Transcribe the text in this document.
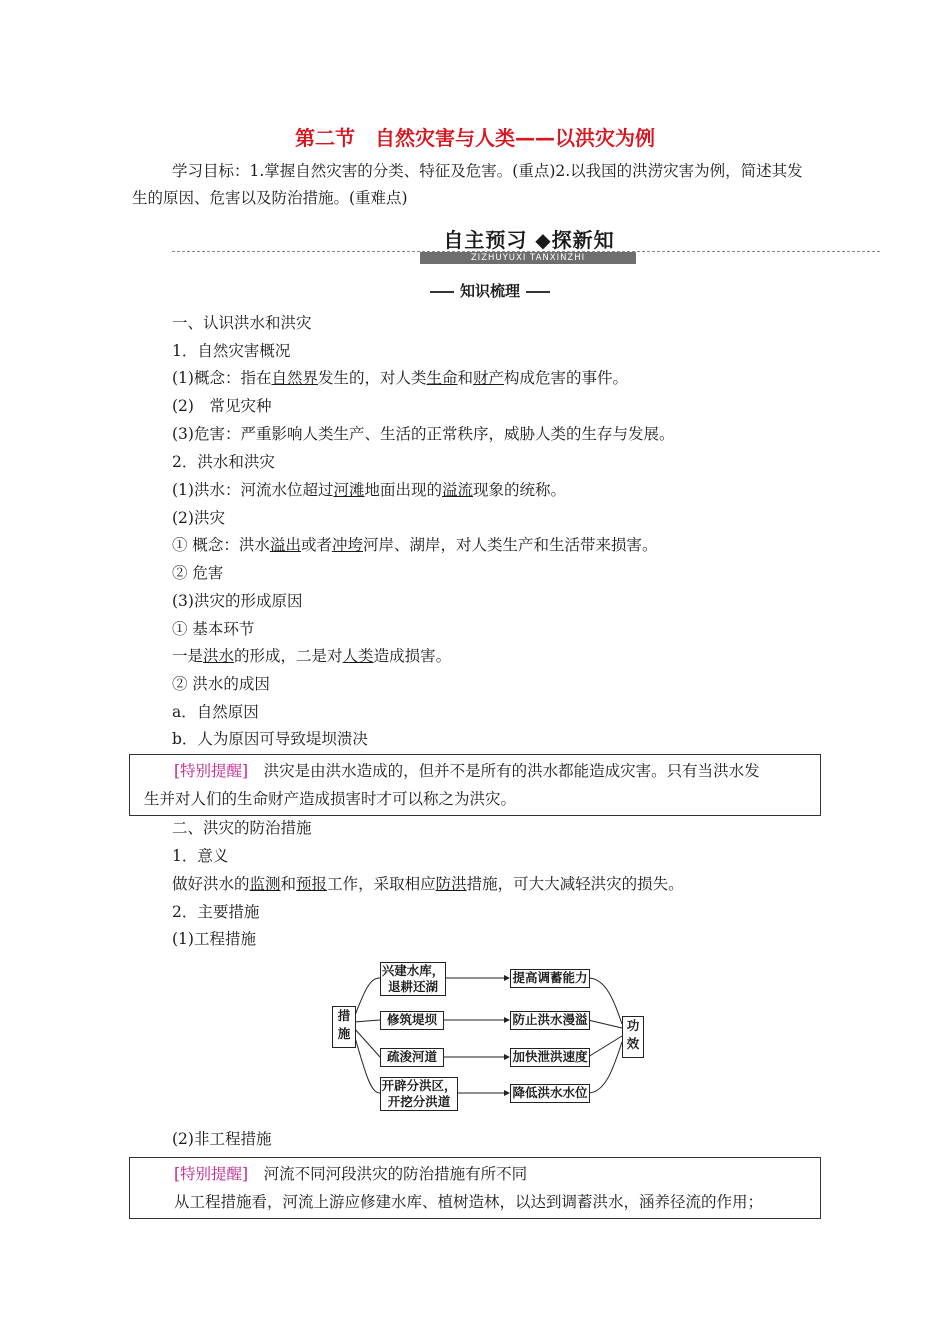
第二节　自然灾害与人类——以洪灾为例
学习目标：1.掌握自然灾害的分类、特征及危害。(重点)2.以我国的洪涝灾害为例，简述其发生的原因、危害以及防治措施。(重难点)
自主预习 ◆探新知
ZIZHUYUXI TANXINZHI
知识梳理
一、认识洪水和洪灾
1．自然灾害概况
(1)概念：指在自然界发生的，对人类生命和财产构成危害的事件。
(2)　常见灾种
(3)危害：严重影响人类生产、生活的正常秩序，威胁人类的生存与发展。
2．洪水和洪灾
(1)洪水：河流水位超过河滩地面出现的溢流现象的统称。
(2)洪灾
① 概念：洪水溢出或者冲垮河岸、湖岸，对人类生产和生活带来损害。
② 危害
(3)洪灾的形成原因
① 基本环节
一是洪水的形成，二是对人类造成损害。
② 洪水的成因
a．自然原因
b．人为原因可导致堤坝溃决
[特别提醒]　洪灾是由洪水造成的，但并不是所有的洪水都能造成灾害。只有当洪水发
生并对人们的生命财产造成损害时才可以称之为洪灾。
二、洪灾的防治措施
1．意义
做好洪水的监测和预报工作，采取相应防洪措施，可大大减轻洪灾的损失。
2．主要措施
(1)工程措施
措施
兴建水库，退耕还湖
修筑堤坝
疏浚河道
开辟分洪区，开挖分洪道
提高调蓄能力
防止洪水漫溢
加快泄洪速度
降低洪水水位
功效
(2)非工程措施
[特别提醒]　河流不同河段洪灾的防治措施有所不同
从工程措施看，河流上游应修建水库、植树造林，以达到调蓄洪水，涵养径流的作用；
